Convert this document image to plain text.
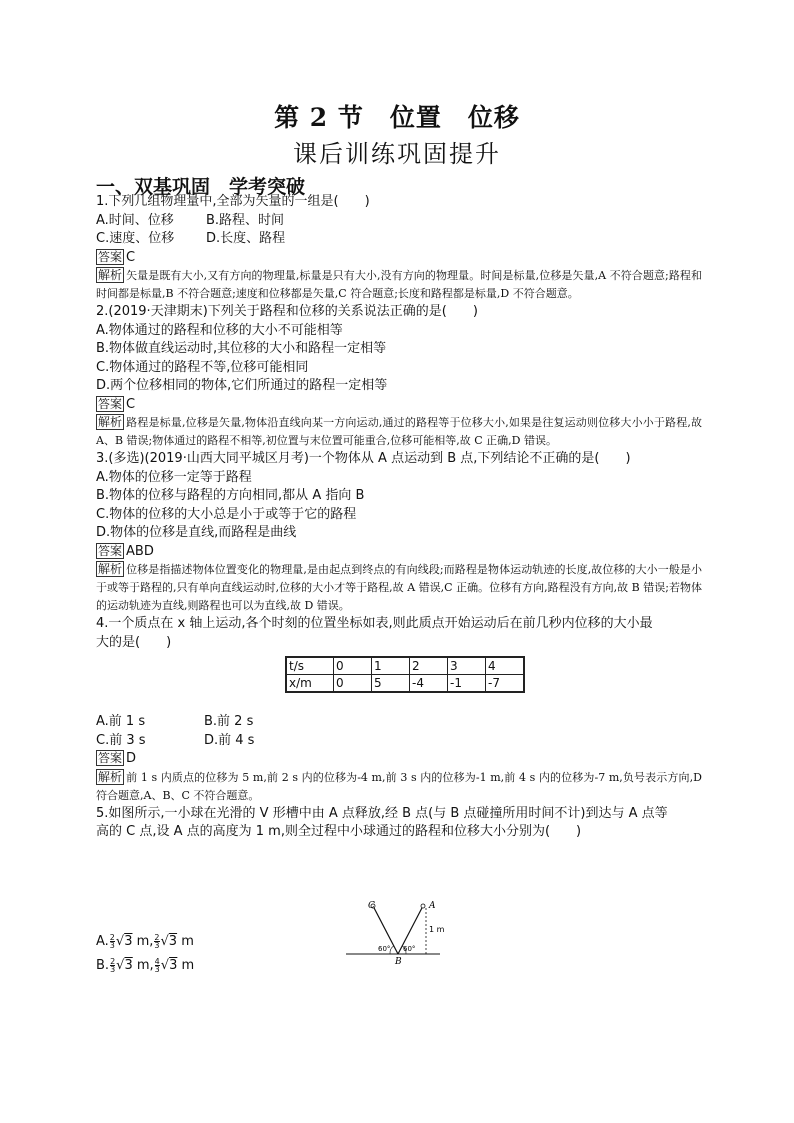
第 2 节　位置　位移
课后训练巩固提升
一、双基巩固　学考突破
1.下列几组物理量中,全部为矢量的一组是(　　)
A.时间、位移 B.路程、时间
C.速度、位移 D.长度、路程
答案 C
解析 矢量是既有大小,又有方向的物理量,标量是只有大小,没有方向的物理量。时间是标量,位移是矢量,A 不符合题意;路程和时间都是标量,B 不符合题意;速度和位移都是矢量,C 符合题意;长度和路程都是标量,D 不符合题意。
2.(2019·天津期末)下列关于路程和位移的关系说法正确的是(　　)
A.物体通过的路程和位移的大小不可能相等
B.物体做直线运动时,其位移的大小和路程一定相等
C.物体通过的路程不等,位移可能相同
D.两个位移相同的物体,它们所通过的路程一定相等
答案 C
解析 路程是标量,位移是矢量,物体沿直线向某一方向运动,通过的路程等于位移大小,如果是往复运动则位移大小小于路程,故 A、B 错误;物体通过的路程不相等,初位置与末位置可能重合,位移可能相等,故 C 正确,D 错误。
3.(多选)(2019·山西大同平城区月考)一个物体从 A 点运动到 B 点,下列结论不正确的是(　　)
A.物体的位移一定等于路程
B.物体的位移与路程的方向相同,都从 A 指向 B
C.物体的位移的大小总是小于或等于它的路程
D.物体的位移是直线,而路程是曲线
答案 ABD
解析 位移是指描述物体位置变化的物理量,是由起点到终点的有向线段;而路程是物体运动轨迹的长度,故位移的大小一般是小于或等于路程的,只有单向直线运动时,位移的大小才等于路程,故 A 错误,C 正确。位移有方向,路程没有方向,故 B 错误;若物体的运动轨迹为直线,则路程也可以为直线,故 D 错误。
4.一个质点在 x 轴上运动,各个时刻的位置坐标如表,则此质点开始运动后在前几秒内位移的大小最
大的是(　　)
t/s	0	1	2	3	4
x/m	0	5	-4	-1	-7
A.前 1 s	B.前 2 s
C.前 3 s	D.前 4 s
答案 D
解析 前 1 s 内质点的位移为 5 m,前 2 s 内的位移为-4 m,前 3 s 内的位移为-1 m,前 4 s 内的位移为-7 m,负号表示方向,D 符合题意,A、B、C 不符合题意。
5.如图所示,一小球在光滑的 V 形槽中由 A 点释放,经 B 点(与 B 点碰撞所用时间不计)到达与 A 点等
高的 C 点,设 A 点的高度为 1 m,则全过程中小球通过的路程和位移大小分别为(　　)
A. $\frac{2}{3} √3$ m, $\frac{2}{3} √3$ m
B. $\frac{2}{3} √3$ m, $\frac{4}{3} √3$ m
C	A
B
60° 60°
1 m
